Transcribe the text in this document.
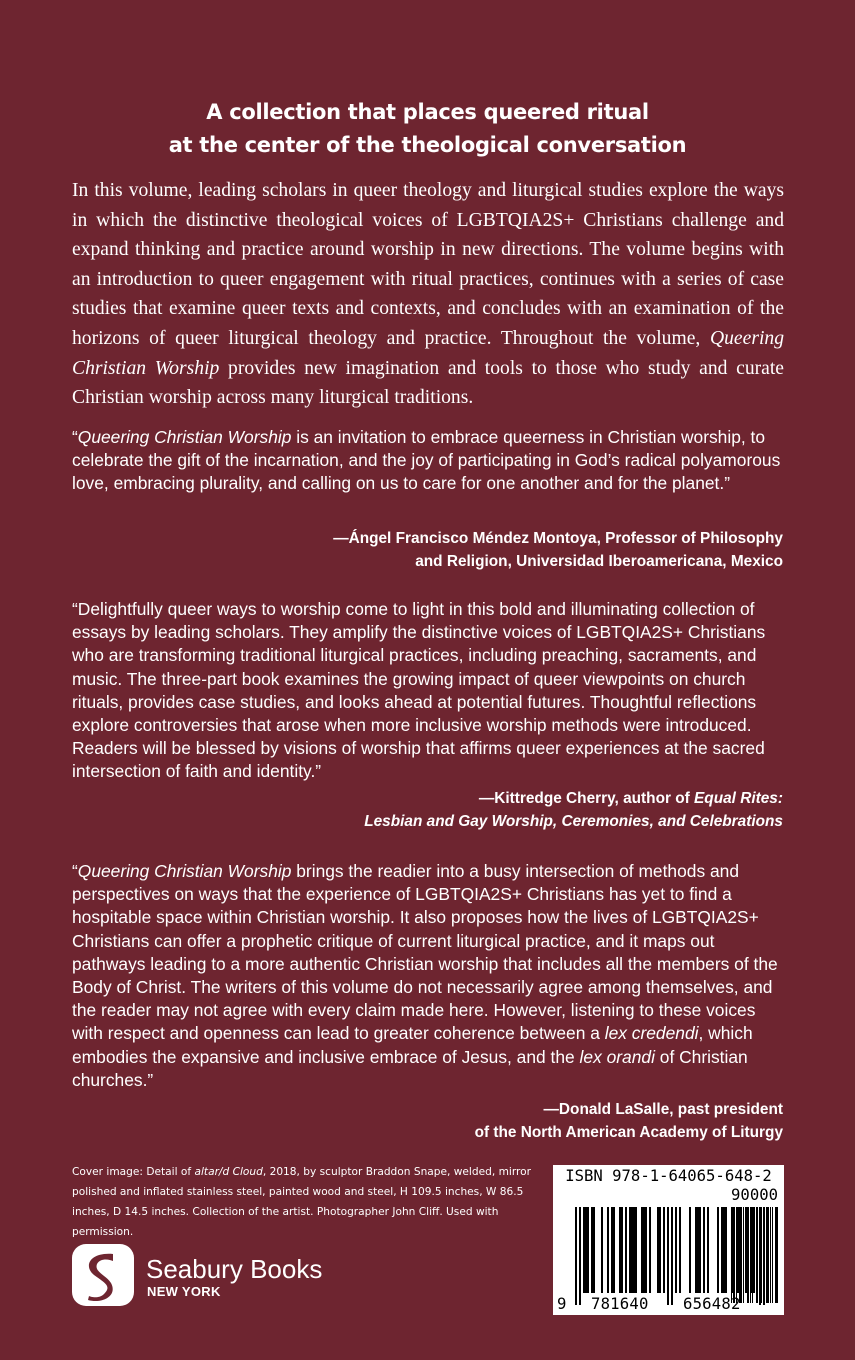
A collection that places queered ritual
at the center of the theological conversation

In this volume, leading scholars in queer theology and liturgical studies explore the ways in which the distinctive theological voices of LGBTQIA2S+ Christians challenge and expand thinking and practice around worship in new directions. The volume begins with an introduction to queer engagement with ritual practices, continues with a series of case studies that examine queer texts and contexts, and concludes with an examination of the horizons of queer liturgical theology and practice. Throughout the volume, Queering Christian Worship provides new imagination and tools to those who study and curate Christian worship across many liturgical traditions.

“Queering Christian Worship is an invitation to embrace queerness in Christian worship, to celebrate the gift of the incarnation, and the joy of participating in God’s radical polyamorous love, embracing plurality, and calling on us to care for one another and for the planet.”

—Ángel Francisco Méndez Montoya, Professor of Philosophy
and Religion, Universidad Iberoamericana, Mexico

“Delightfully queer ways to worship come to light in this bold and illuminating collection of essays by leading scholars. They amplify the distinctive voices of LGBTQIA2S+ Christians who are transforming traditional liturgical practices, including preaching, sacraments, and music. The three-part book examines the growing impact of queer viewpoints on church rituals, provides case studies, and looks ahead at potential futures. Thoughtful reflections explore controversies that arose when more inclusive worship methods were introduced. Readers will be blessed by visions of worship that affirms queer experiences at the sacred intersection of faith and identity.”

—Kittredge Cherry, author of Equal Rites:
Lesbian and Gay Worship, Ceremonies, and Celebrations

“Queering Christian Worship brings the readier into a busy intersection of methods and perspectives on ways that the experience of LGBTQIA2S+ Christians has yet to find a hospitable space within Christian worship. It also proposes how the lives of LGBTQIA2S+ Christians can offer a prophetic critique of current liturgical practice, and it maps out pathways leading to a more authentic Christian worship that includes all the members of the Body of Christ. The writers of this volume do not necessarily agree among themselves, and the reader may not agree with every claim made here. However, listening to these voices with respect and openness can lead to greater coherence between a lex credendi, which embodies the expansive and inclusive embrace of Jesus, and the lex orandi of Christian churches.”

—Donald LaSalle, past president
of the North American Academy of Liturgy

Cover image: Detail of altar/d Cloud, 2018, by sculptor Braddon Snape, welded, mirror polished and inflated stainless steel, painted wood and steel, H 109.5 inches, W 86.5 inches, D 14.5 inches. Collection of the artist. Photographer John Cliff. Used with permission.

Seabury Books
NEW YORK
ISBN 978-1-64065-648-2
90000
9 781640 656482
